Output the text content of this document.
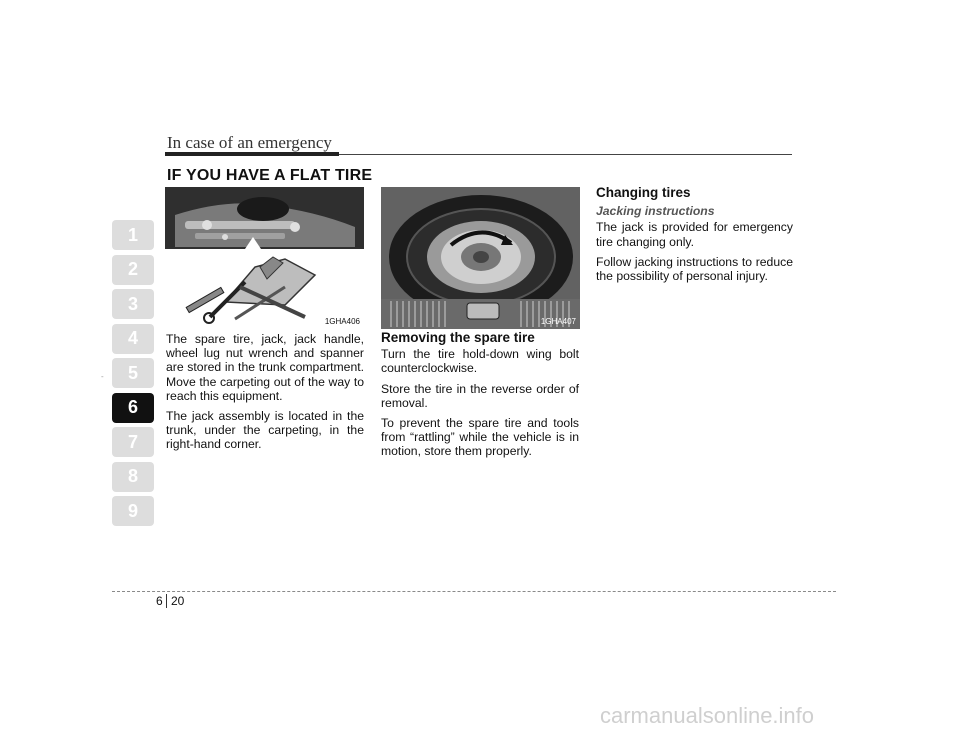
In case of an emergency
IF YOU HAVE A FLAT TIRE
1
2
3
4
5
6
7
8
9
-
1GHA406	1GHA407

The spare tire, jack, jack handle, wheel lug nut wrench and spanner are stored in the trunk compartment. Move the carpeting out of the way to reach this equipment.

The jack assembly is located in the trunk, under the carpeting, in the right-hand corner.

Removing the spare tire

Turn the tire hold-down wing bolt counterclockwise.

Store the tire in the reverse order of removal.

To prevent the spare tire and tools from “rattling” while the vehicle is in motion, store them properly.

Changing tires
Jacking instructions

The jack is provided for emergency tire changing only.

Follow jacking instructions to reduce the possibility of personal injury.

6 20
carmanualsonline.info
